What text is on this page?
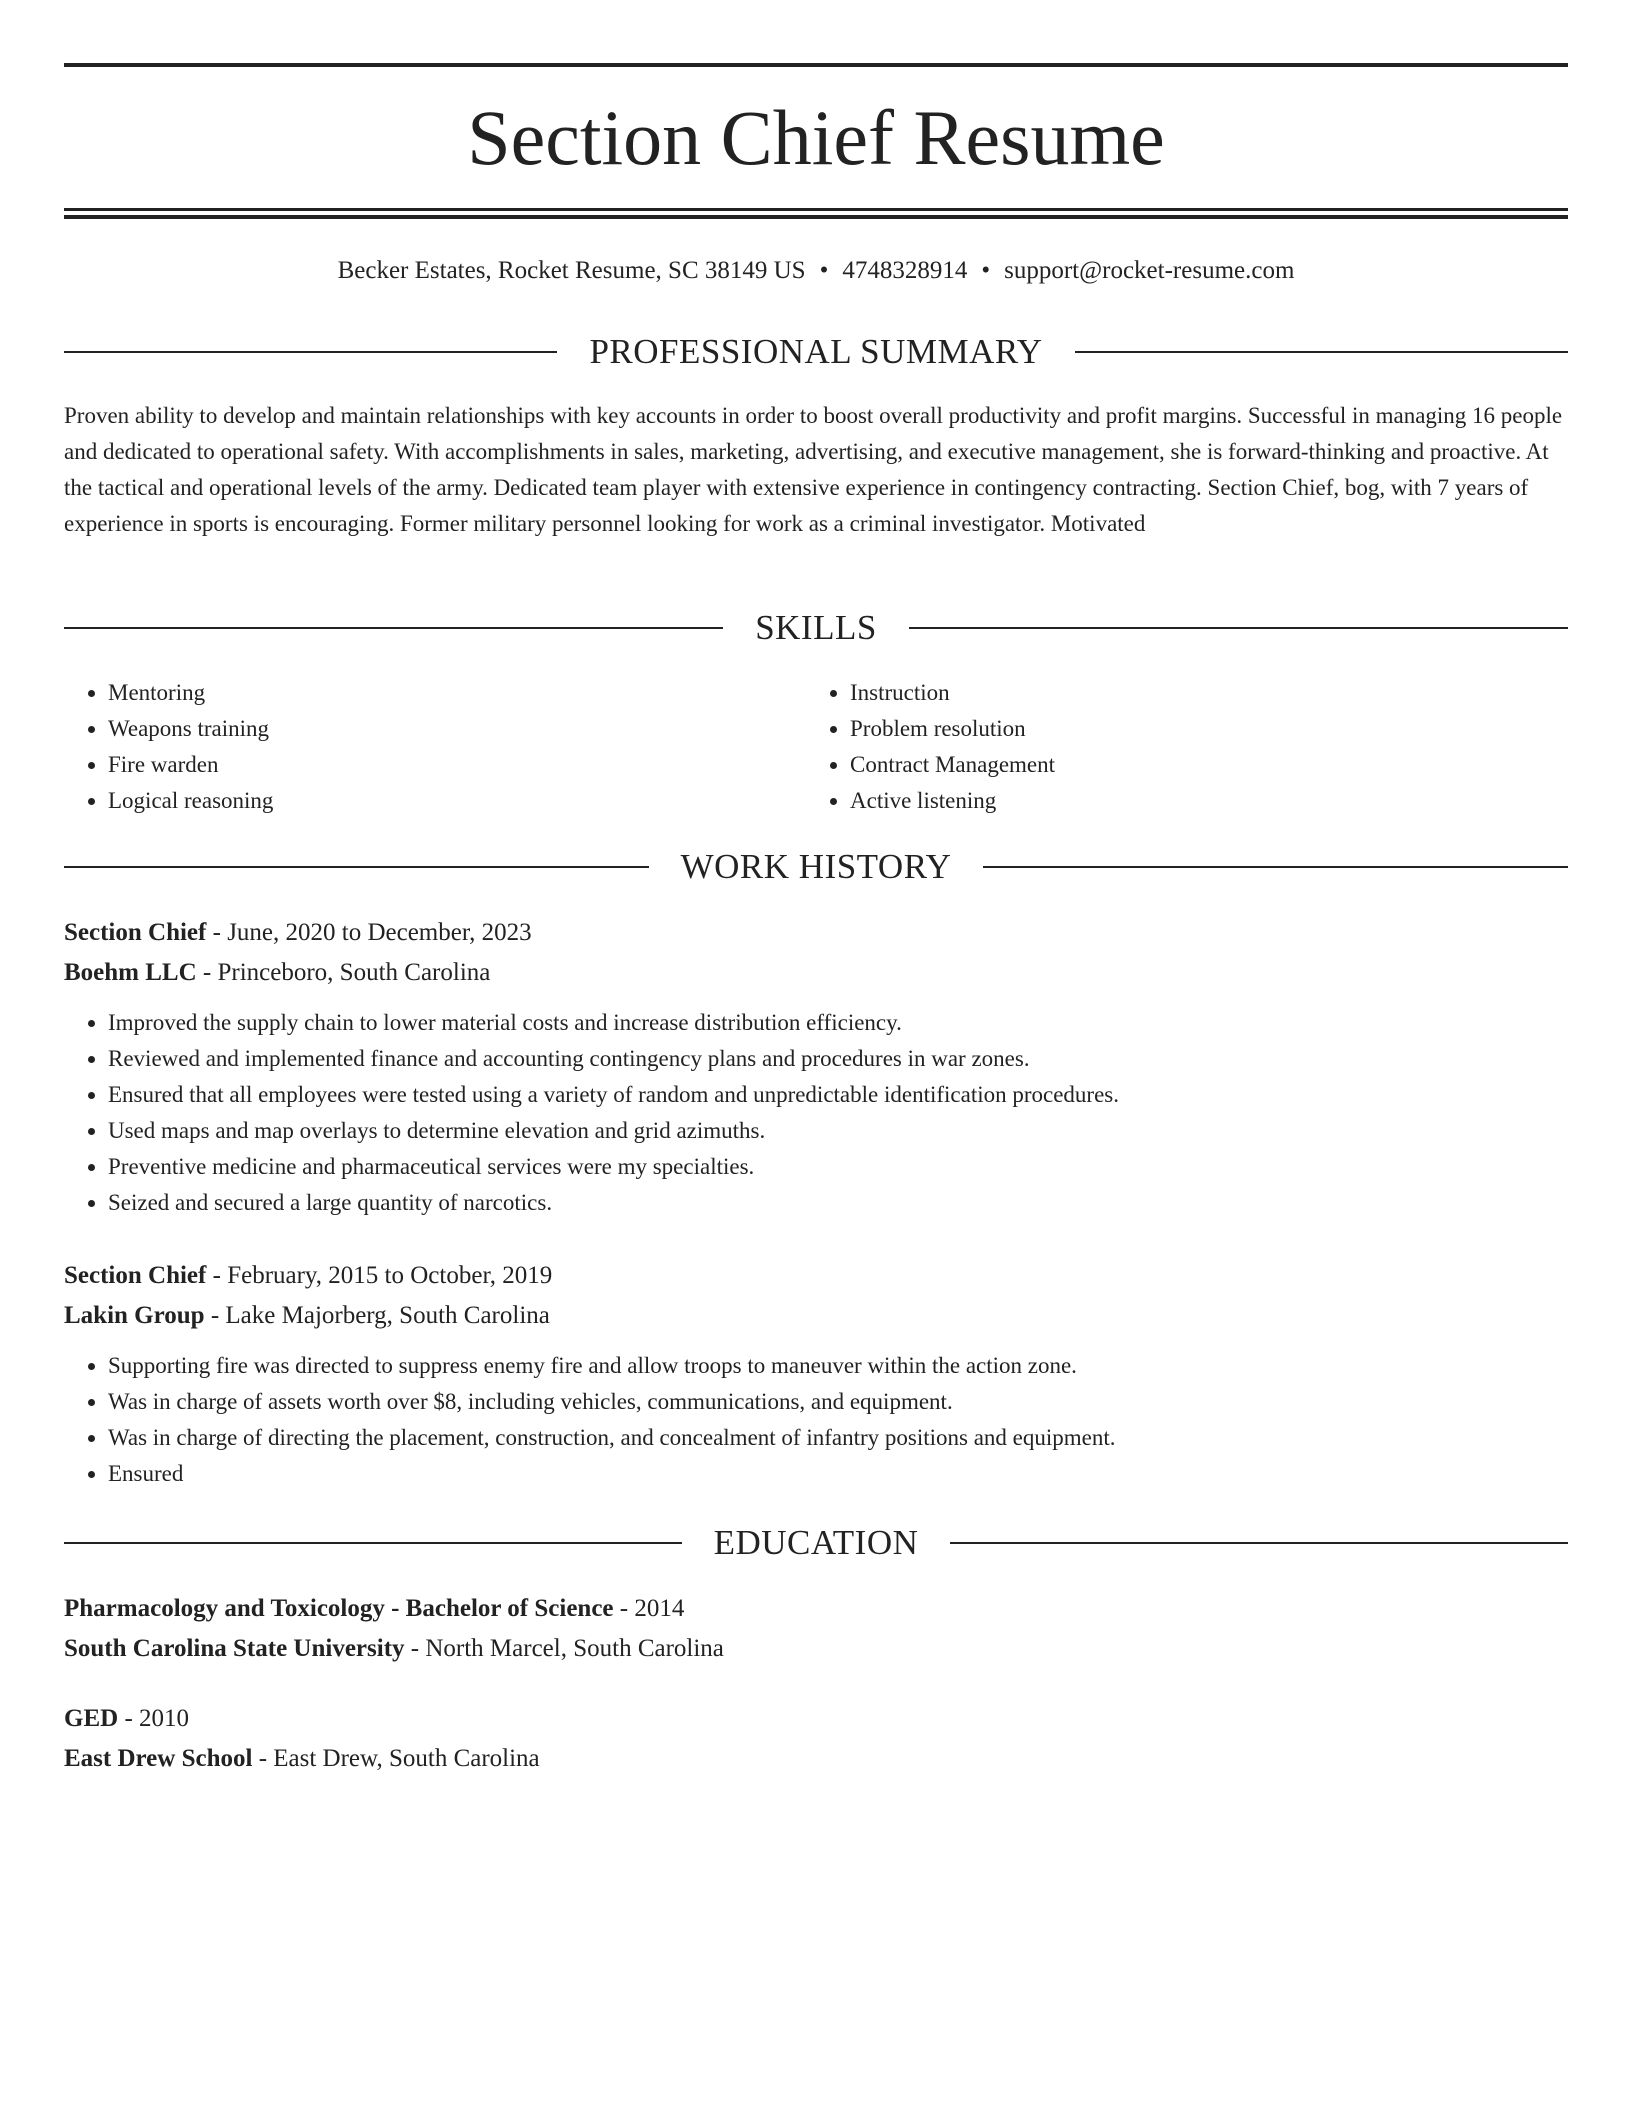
Section Chief Resume
Becker Estates, Rocket Resume, SC 38149 US • 4748328914 • support@rocket-resume.com
PROFESSIONAL SUMMARY

Proven ability to develop and maintain relationships with key accounts in order to boost overall productivity and profit margins. Successful in managing 16 people and dedicated to operational safety. With accomplishments in sales, marketing, advertising, and executive management, she is forward-thinking and proactive. At the tactical and operational levels of the army. Dedicated team player with extensive experience in contingency contracting. Section Chief, bog, with 7 years of experience in sports is encouraging. Former military personnel looking for work as a criminal investigator. Motivated

SKILLS
• Mentoring
• Weapons training
• Fire warden
• Logical reasoning
• Instruction
• Problem resolution
• Contract Management
• Active listening
WORK HISTORY
Section Chief - June, 2020 to December, 2023
Boehm LLC - Princeboro, South Carolina
• Improved the supply chain to lower material costs and increase distribution efficiency.
• Reviewed and implemented finance and accounting contingency plans and procedures in war zones.
• Ensured that all employees were tested using a variety of random and unpredictable identification procedures.
• Used maps and map overlays to determine elevation and grid azimuths.
• Preventive medicine and pharmaceutical services were my specialties.
• Seized and secured a large quantity of narcotics.
Section Chief - February, 2015 to October, 2019
Lakin Group - Lake Majorberg, South Carolina
• Supporting fire was directed to suppress enemy fire and allow troops to maneuver within the action zone.
• Was in charge of assets worth over $8, including vehicles, communications, and equipment.
• Was in charge of directing the placement, construction, and concealment of infantry positions and equipment.
• Ensured
EDUCATION
Pharmacology and Toxicology - Bachelor of Science - 2014
South Carolina State University - North Marcel, South Carolina
GED - 2010
East Drew School - East Drew, South Carolina
